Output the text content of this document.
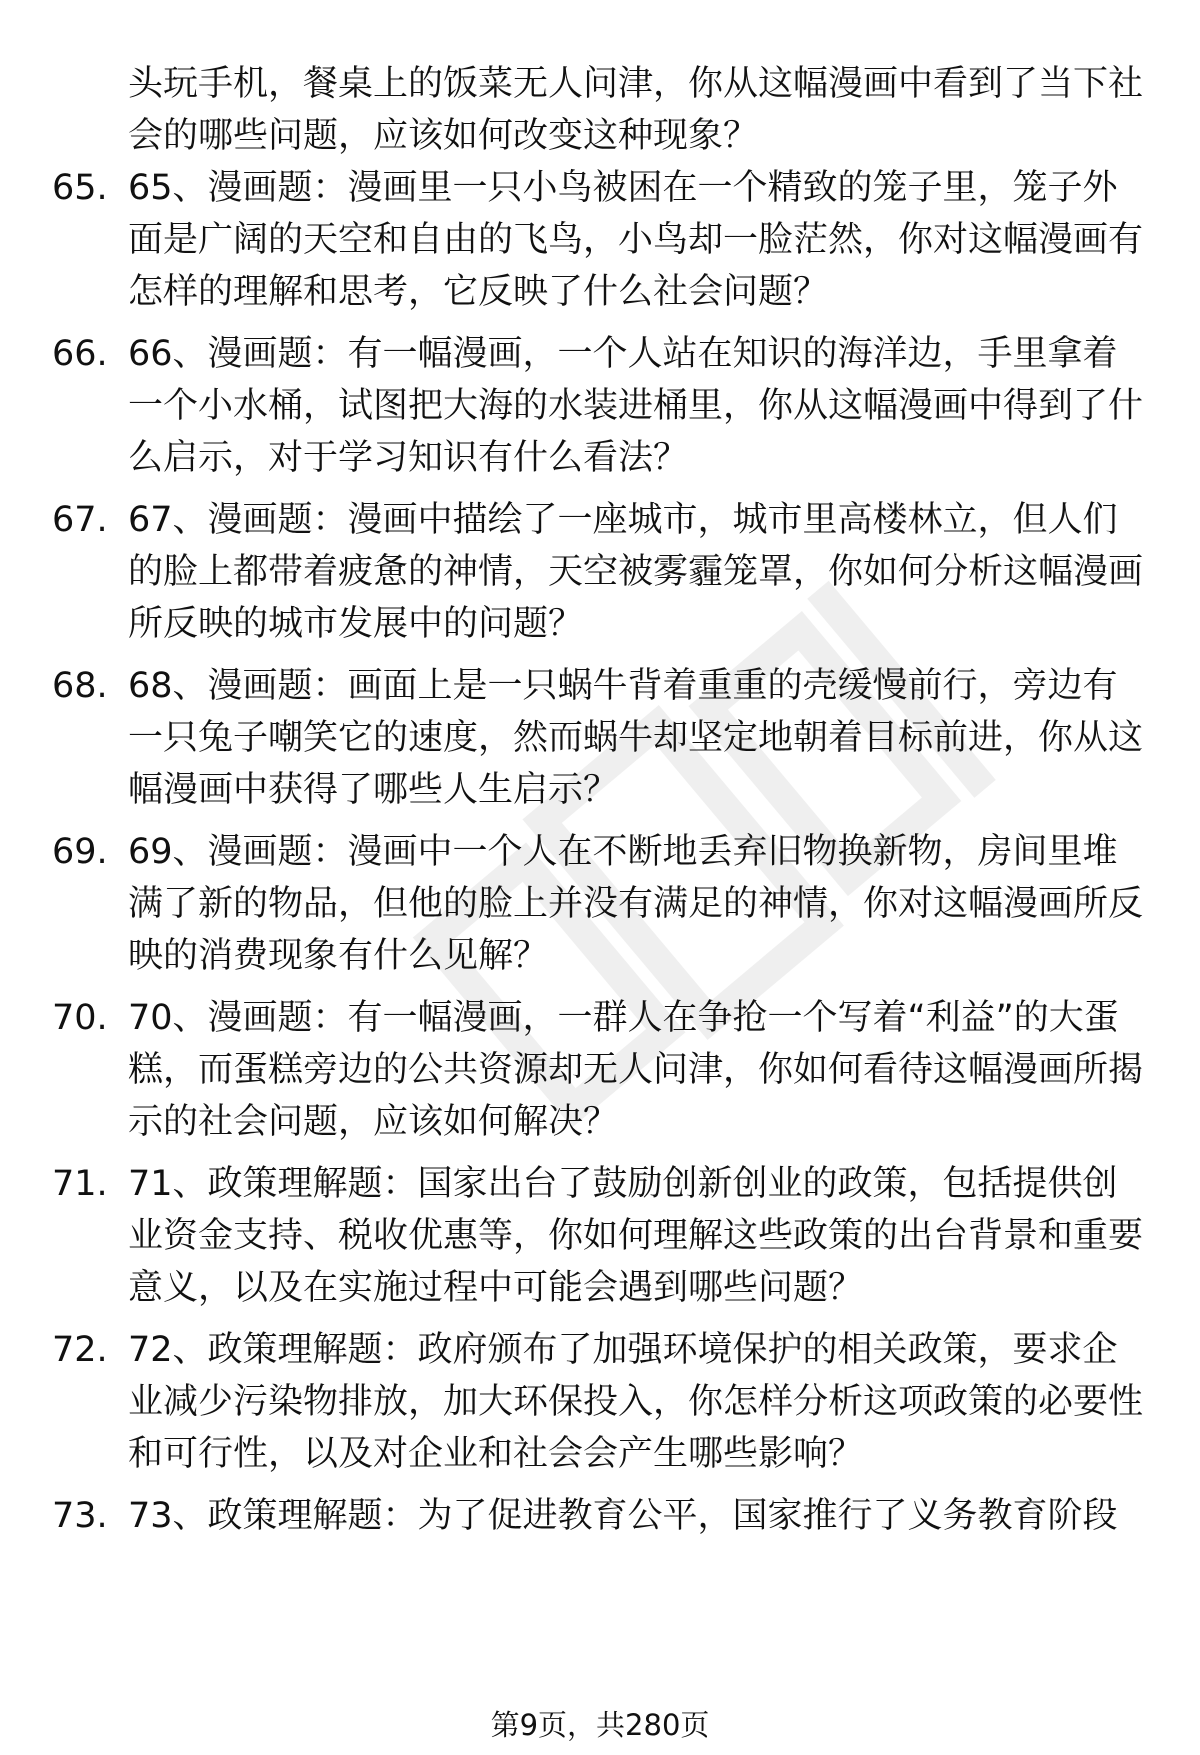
头玩手机，餐桌上的饭菜无人问津，你从这幅漫画中看到了当下社会的哪些问题，应该如何改变这种现象？
65. 65、漫画题：漫画里一只小鸟被困在一个精致的笼子里，笼子外面是广阔的天空和自由的飞鸟，小鸟却一脸茫然，你对这幅漫画有怎样的理解和思考，它反映了什么社会问题？
66. 66、漫画题：有一幅漫画，一个人站在知识的海洋边，手里拿着一个小水桶，试图把大海的水装进桶里，你从这幅漫画中得到了什么启示，对于学习知识有什么看法？
67. 67、漫画题：漫画中描绘了一座城市，城市里高楼林立，但人们的脸上都带着疲惫的神情，天空被雾霾笼罩，你如何分析这幅漫画所反映的城市发展中的问题？
68. 68、漫画题：画面上是一只蜗牛背着重重的壳缓慢前行，旁边有一只兔子嘲笑它的速度，然而蜗牛却坚定地朝着目标前进，你从这幅漫画中获得了哪些人生启示？
69. 69、漫画题：漫画中一个人在不断地丢弃旧物换新物，房间里堆满了新的物品，但他的脸上并没有满足的神情，你对这幅漫画所反映的消费现象有什么见解？
70. 70、漫画题：有一幅漫画，一群人在争抢一个写着“利益”的大蛋糕，而蛋糕旁边的公共资源却无人问津，你如何看待这幅漫画所揭示的社会问题，应该如何解决？
71. 71、政策理解题：国家出台了鼓励创新创业的政策，包括提供创业资金支持、税收优惠等，你如何理解这些政策的出台背景和重要意义，以及在实施过程中可能会遇到哪些问题？
72. 72、政策理解题：政府颁布了加强环境保护的相关政策，要求企业减少污染物排放，加大环保投入，你怎样分析这项政策的必要性和可行性，以及对企业和社会会产生哪些影响？
73. 73、政策理解题：为了促进教育公平，国家推行了义务教育阶段
第9页，共280页
